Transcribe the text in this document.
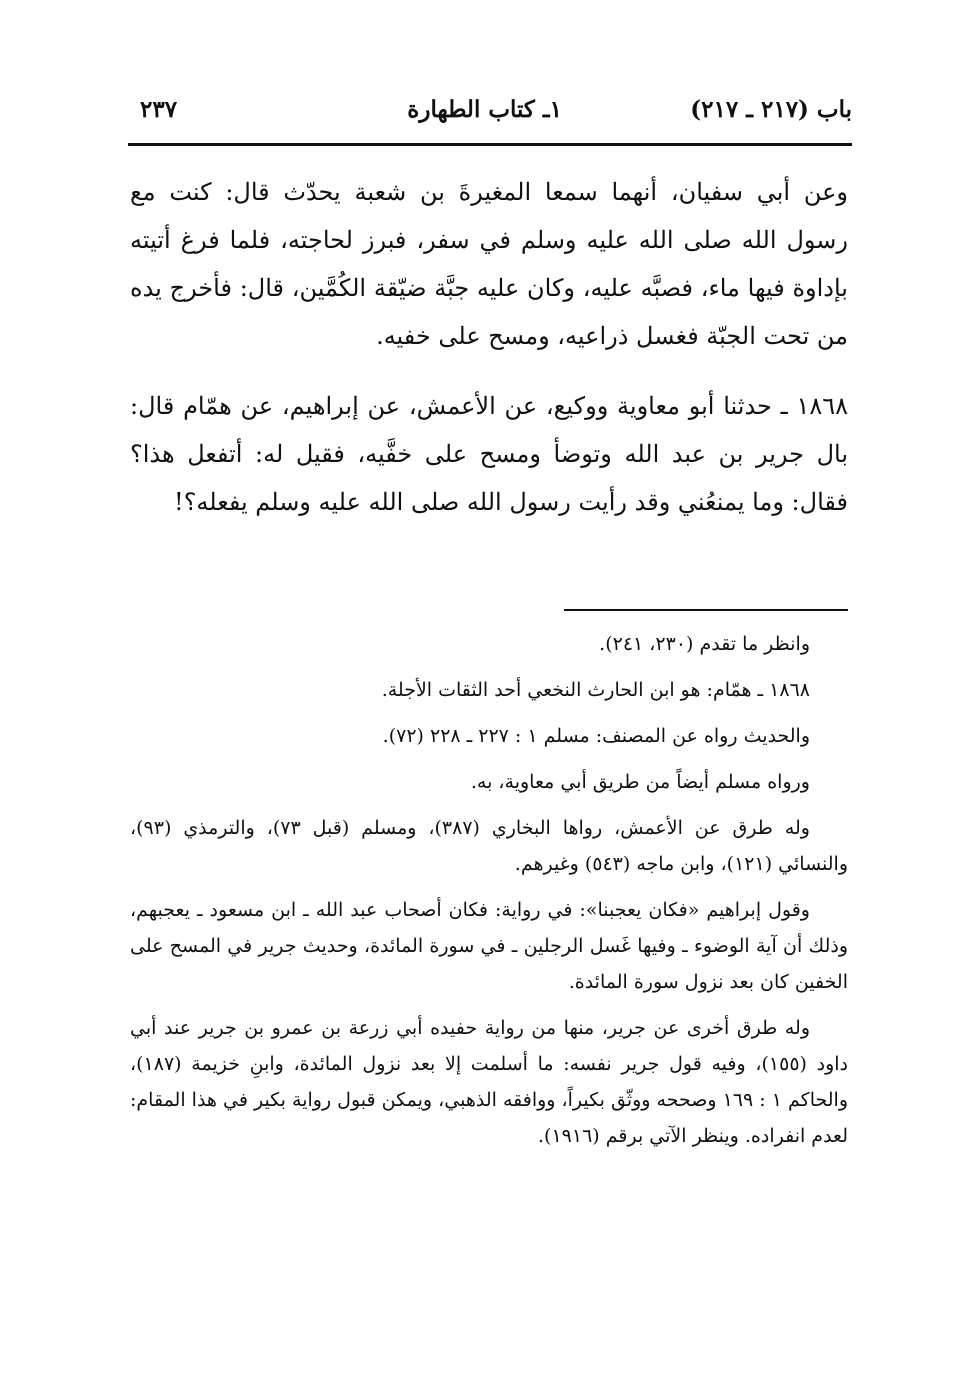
باب (٢١٧ ـ ٢١٧)
١ـ كتاب الطهارة
٢٣٧

وعن أبي سفيان، أنهما سمعا المغيرةَ بن شعبة يحدّث قال: كنت مع رسول الله صلى الله عليه وسلم في سفر، فبرز لحاجته، فلما فرغ أتيته بإداوة فيها ماء، فصبَّه عليه، وكان عليه جبَّة ضيّقة الكُمَّين، قال: فأخرج يده من تحت الجبّة فغسل ذراعيه، ومسح على خفيه.

١٨٦٨ ـ حدثنا أبو معاوية ووكيع، عن الأعمش، عن إبراهيم، عن همّام قال: بال جرير بن عبد الله وتوضأ ومسح على خفَّيه، فقيل له: أتفعل هذا؟ فقال: وما يمنعُني وقد رأيت رسول الله صلى الله عليه وسلم يفعله؟!

وانظر ما تقدم (٢٣٠، ٢٤١).

١٨٦٨ ـ همّام: هو ابن الحارث النخعي أحد الثقات الأجلة.

والحديث رواه عن المصنف: مسلم ١ : ٢٢٧ ـ ٢٢٨ (٧٢).

ورواه مسلم أيضاً من طريق أبي معاوية، به.

وله طرق عن الأعمش، رواها البخاري (٣٨٧)، ومسلم (قبل ٧٣)، والترمذي (٩٣)، والنسائي (١٢١)، وابن ماجه (٥٤٣) وغيرهم.

وقول إبراهيم «فكان يعجبنا»: في رواية: فكان أصحاب عبد الله ـ ابن مسعود ـ يعجبهم، وذلك أن آية الوضوء ـ وفيها غَسل الرجلين ـ في سورة المائدة، وحديث جرير في المسح على الخفين كان بعد نزول سورة المائدة.

وله طرق أخرى عن جرير، منها من رواية حفيده أبي زرعة بن عمرو بن جرير عند أبي داود (١٥٥)، وفيه قول جرير نفسه: ما أسلمت إلا بعد نزول المائدة، وابنِ خزيمة (١٨٧)، والحاكم ١ : ١٦٩ وصححه ووثّق بكيراً، ووافقه الذهبي، ويمكن قبول رواية بكير في هذا المقام: لعدم انفراده. وينظر الآتي برقم (١٩١٦).
